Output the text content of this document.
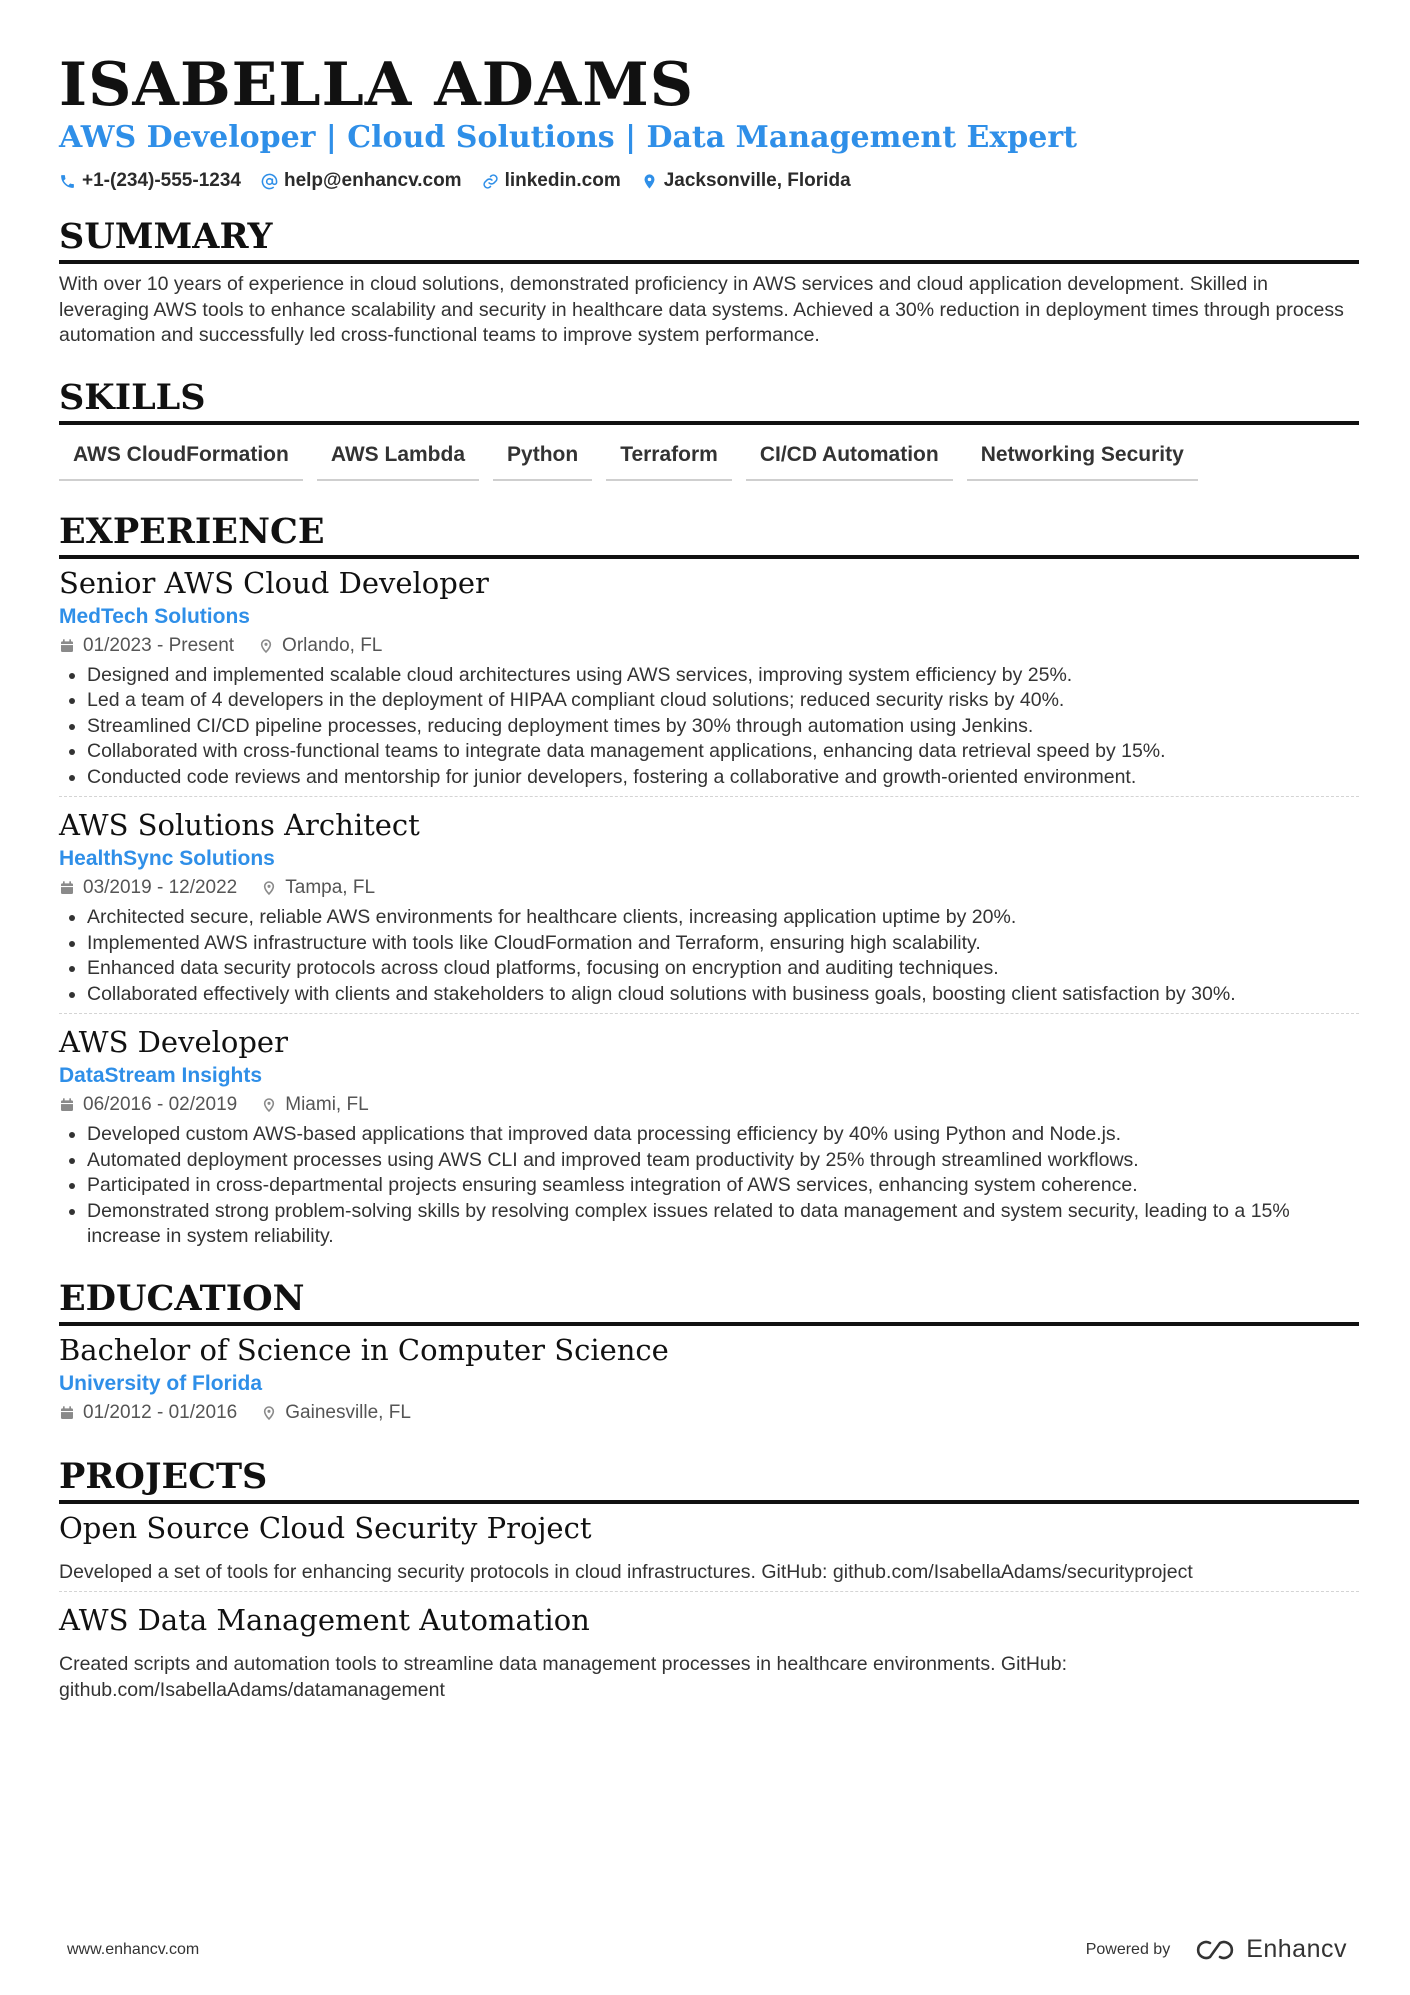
ISABELLA ADAMS
AWS Developer | Cloud Solutions | Data Management Expert
+1-(234)-555-1234 help@enhancv.com linkedin.com Jacksonville, Florida
SUMMARY
With over 10 years of experience in cloud solutions, demonstrated proficiency in AWS services and cloud application development. Skilled in leveraging AWS tools to enhance scalability and security in healthcare data systems. Achieved a 30% reduction in deployment times through process automation and successfully led cross-functional teams to improve system performance.
SKILLS
AWS CloudFormation	AWS Lambda	Python	Terraform	CI/CD Automation	Networking Security
EXPERIENCE
Senior AWS Cloud Developer
MedTech Solutions
01/2023 - Present	Orlando, FL
• Designed and implemented scalable cloud architectures using AWS services, improving system efficiency by 25%.
• Led a team of 4 developers in the deployment of HIPAA compliant cloud solutions; reduced security risks by 40%.
• Streamlined CI/CD pipeline processes, reducing deployment times by 30% through automation using Jenkins.
• Collaborated with cross-functional teams to integrate data management applications, enhancing data retrieval speed by 15%.
• Conducted code reviews and mentorship for junior developers, fostering a collaborative and growth-oriented environment.
AWS Solutions Architect
HealthSync Solutions
03/2019 - 12/2022	Tampa, FL
• Architected secure, reliable AWS environments for healthcare clients, increasing application uptime by 20%.
• Implemented AWS infrastructure with tools like CloudFormation and Terraform, ensuring high scalability.
• Enhanced data security protocols across cloud platforms, focusing on encryption and auditing techniques.
• Collaborated effectively with clients and stakeholders to align cloud solutions with business goals, boosting client satisfaction by 30%.
AWS Developer
DataStream Insights
06/2016 - 02/2019	Miami, FL
• Developed custom AWS-based applications that improved data processing efficiency by 40% using Python and Node.js.
• Automated deployment processes using AWS CLI and improved team productivity by 25% through streamlined workflows.
• Participated in cross-departmental projects ensuring seamless integration of AWS services, enhancing system coherence.
• Demonstrated strong problem-solving skills by resolving complex issues related to data management and system security, leading to a 15% increase in system reliability.
EDUCATION
Bachelor of Science in Computer Science
University of Florida
01/2012 - 01/2016	Gainesville, FL
PROJECTS
Open Source Cloud Security Project
Developed a set of tools for enhancing security protocols in cloud infrastructures. GitHub: github.com/IsabellaAdams/securityproject
AWS Data Management Automation
Created scripts and automation tools to streamline data management processes in healthcare environments. GitHub: github.com/IsabellaAdams/datamanagement
www.enhancv.com	Powered by	Enhancv
